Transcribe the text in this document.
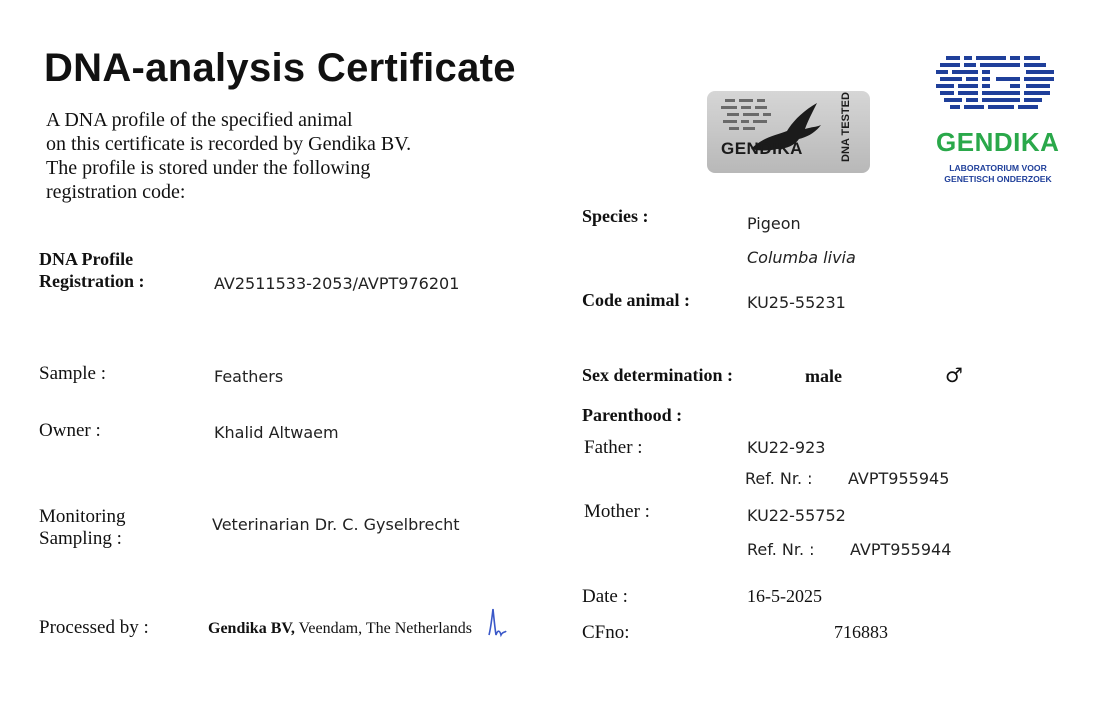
DNA-analysis Certificate
A DNA profile of the specified animal
on this certificate is recorded by Gendika BV.
The profile is stored under the following
registration code:
GENDIKA	DNA TESTED	GENDIKA
LABORATORIUM VOOR
GENETISCH ONDERZOEK
DNA Profile
Registration :	AV2511533-2053/AVPT976201
Sample :	Feathers
Owner :	Khalid Altwaem
Monitoring
Sampling :
Veterinarian Dr. C. Gyselbrecht
Processed by :	Gendika BV, Veendam, The Netherlands
Species :	Pigeon
Columba livia
Code animal :	KU25-55231
Sex determination :	male	♂
Parenthood :
Father :	KU22-923
Ref. Nr. : AVPT955945
Mother :	KU22-55752
Ref. Nr. : AVPT955944
Date :	16-5-2025
CFno:	716883
